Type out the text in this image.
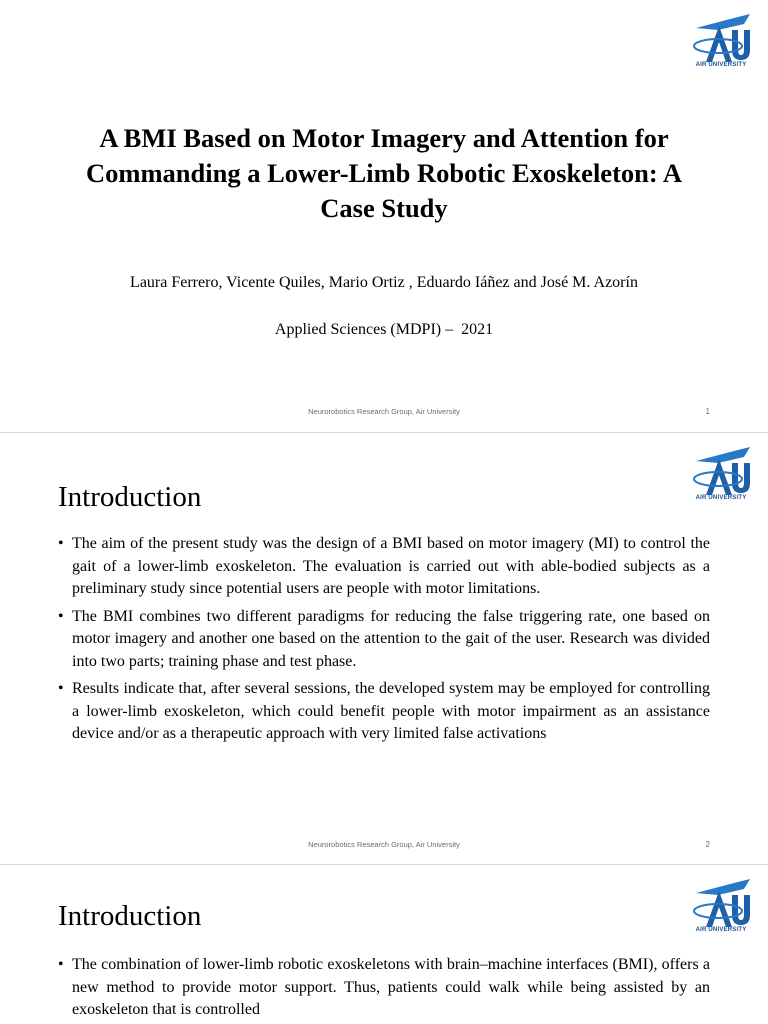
AIR UNIVERSITY
A BMI Based on Motor Imagery and Attention for Commanding a Lower-Limb Robotic Exoskeleton: A Case Study
Laura Ferrero, Vicente Quiles, Mario Ortiz , Eduardo Iáñez and José M. Azorín
Applied Sciences (MDPI) –  2021
Neurorobotics Research Group, Air University	1
AIR UNIVERSITY
Introduction
• The aim of the present study was the design of a BMI based on motor imagery (MI) to control the gait of a lower-limb exoskeleton. The evaluation is carried out with able-bodied subjects as a preliminary study since potential users are people with motor limitations.
• The BMI combines two different paradigms for reducing the false triggering rate, one based on motor imagery and another one based on the attention to the gait of the user. Research was divided into two parts; training phase and test phase.
• Results indicate that, after several sessions, the developed system may be employed for controlling a lower-limb exoskeleton, which could benefit people with motor impairment as an assistance device and/or as a therapeutic approach with very limited false activations
Neurorobotics Research Group, Air University	2
AIR UNIVERSITY
Introduction
• The combination of lower-limb robotic exoskeletons with brain–machine interfaces (BMI), offers a new method to provide motor support. Thus, patients could walk while being assisted by an exoskeleton that is controlled
